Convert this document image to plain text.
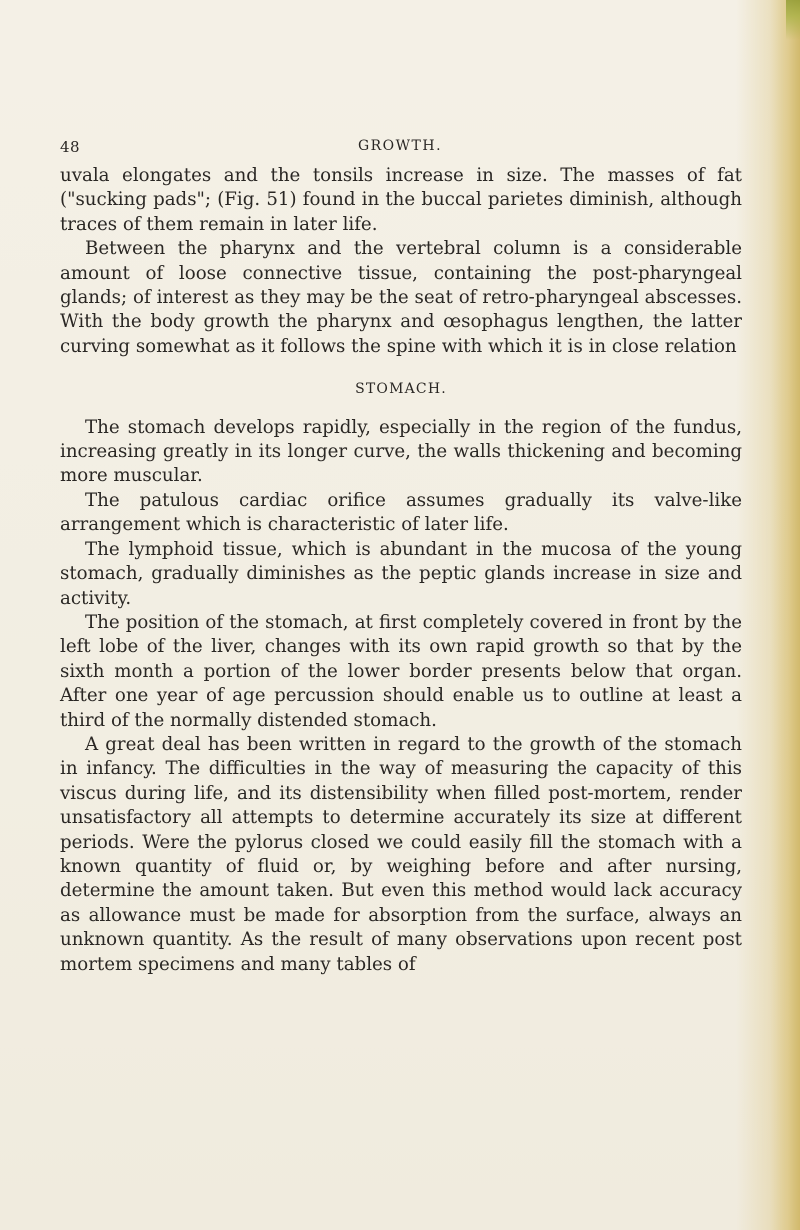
48	GROWTH.

uvala elongates and the tonsils increase in size. The masses of fat ("sucking pads"; (Fig. 51) found in the buccal parietes diminish, although traces of them remain in later life.

Between the pharynx and the vertebral column is a considerable amount of loose connective tissue, containing the post-pharyngeal glands; of interest as they may be the seat of retro-pharyngeal abscesses. With the body growth the pharynx and œsophagus lengthen, the latter curving somewhat as it follows the spine with which it is in close relation

STOMACH.

The stomach develops rapidly, especially in the region of the fundus, increasing greatly in its longer curve, the walls thickening and becoming more muscular.

The patulous cardiac orifice assumes gradually its valve-like arrangement which is characteristic of later life.

The lymphoid tissue, which is abundant in the mucosa of the young stomach, gradually diminishes as the peptic glands increase in size and activity.

The position of the stomach, at first completely covered in front by the left lobe of the liver, changes with its own rapid growth so that by the sixth month a portion of the lower border presents below that organ. After one year of age percussion should enable us to outline at least a third of the normally distended stomach.

A great deal has been written in regard to the growth of the stomach in infancy. The difficulties in the way of measuring the capacity of this viscus during life, and its distensibility when filled post-mortem, render unsatisfactory all attempts to determine accurately its size at different periods. Were the pylorus closed we could easily fill the stomach with a known quantity of fluid or, by weighing before and after nursing, determine the amount taken. But even this method would lack accuracy as allowance must be made for absorption from the surface, always an unknown quantity. As the result of many observations upon recent post mortem specimens and many tables of
